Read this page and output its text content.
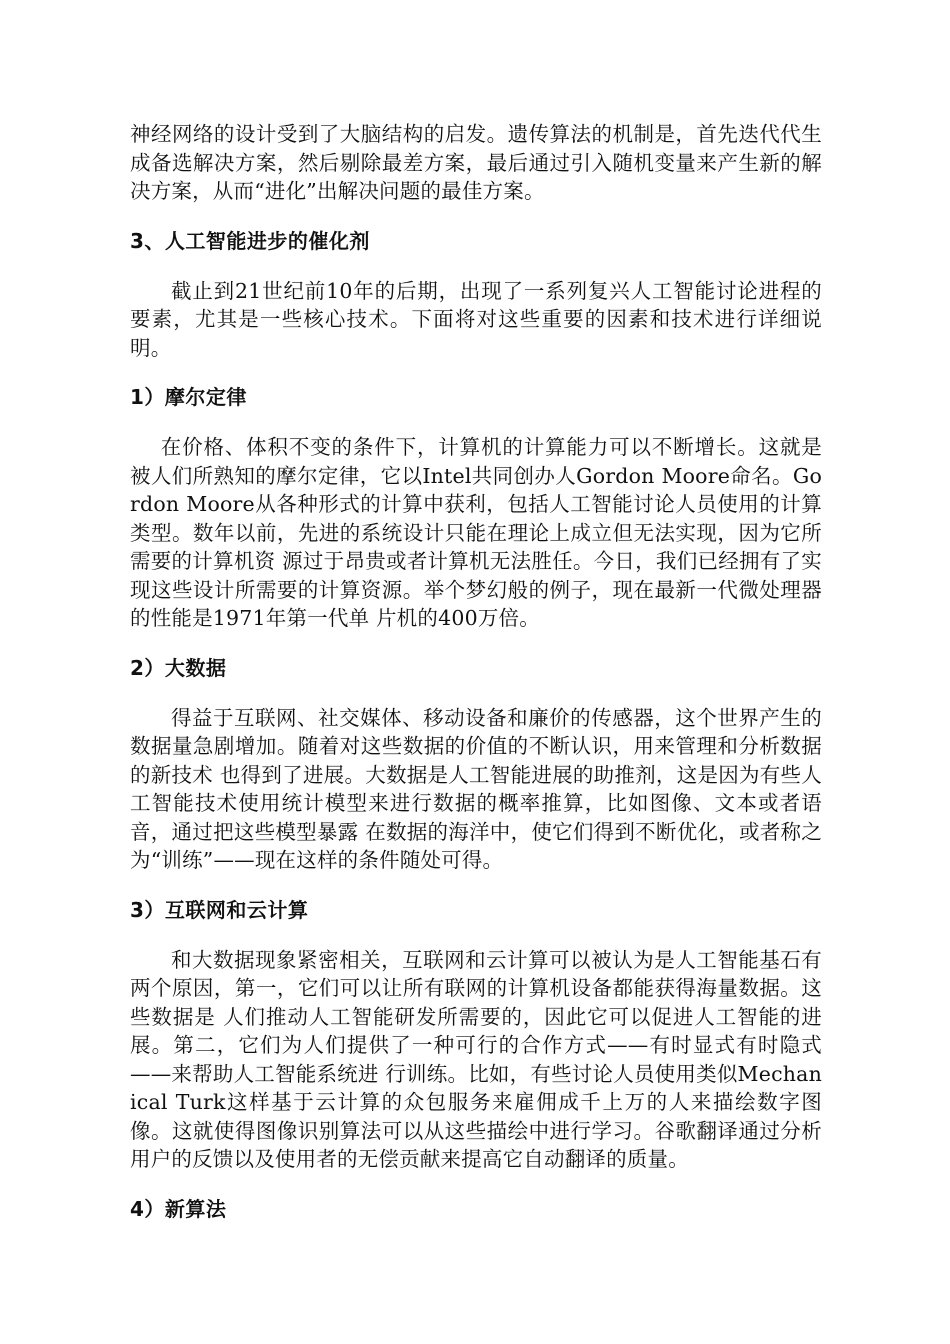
神经网络的设计受到了大脑结构的启发。遗传算法的机制是，首先迭代代生成备选解决方案，然后剔除最差方案，最后通过引入随机变量来产生新的解决方案，从而“进化”出解决问题的最佳方案。

3、人工智能进步的催化剂

截止到21世纪前10年的后期，出现了一系列复兴人工智能讨论进程的要素，尤其是一些核心技术。下面将对这些重要的因素和技术进行详细说明。

1）摩尔定律

在价格、体积不变的条件下，计算机的计算能力可以不断增长。这就是被人们所熟知的摩尔定律，它以Intel共同创办人Gordon Moore命名。Gordon Moore从各种形式的计算中获利，包括人工智能讨论人员使用的计算类型。数年以前，先进的系统设计只能在理论上成立但无法实现，因为它所需要的计算机资 源过于昂贵或者计算机无法胜任。今日，我们已经拥有了实现这些设计所需要的计算资源。举个梦幻般的例子，现在最新一代微处理器的性能是1971年第一代单 片机的400万倍。

2）大数据

得益于互联网、社交媒体、移动设备和廉价的传感器，这个世界产生的数据量急剧增加。随着对这些数据的价值的不断认识，用来管理和分析数据的新技术 也得到了进展。大数据是人工智能进展的助推剂，这是因为有些人工智能技术使用统计模型来进行数据的概率推算，比如图像、文本或者语音，通过把这些模型暴露 在数据的海洋中，使它们得到不断优化，或者称之为“训练”——现在这样的条件随处可得。

3）互联网和云计算

和大数据现象紧密相关，互联网和云计算可以被认为是人工智能基石有两个原因，第一，它们可以让所有联网的计算机设备都能获得海量数据。这些数据是 人们推动人工智能研发所需要的，因此它可以促进人工智能的进展。第二，它们为人们提供了一种可行的合作方式——有时显式有时隐式——来帮助人工智能系统进 行训练。比如，有些讨论人员使用类似Mechanical Turk这样基于云计算的众包服务来雇佣成千上万的人来描绘数字图像。这就使得图像识别算法可以从这些描绘中进行学习。谷歌翻译通过分析用户的反馈以及使用者的无偿贡献来提高它自动翻译的质量。

4）新算法
